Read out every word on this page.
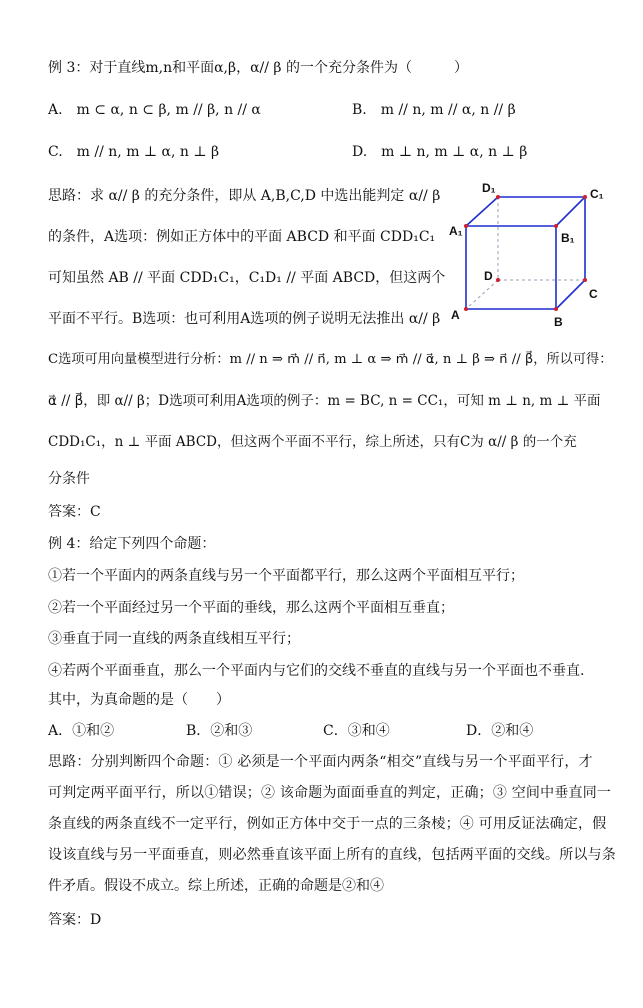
例 3：对于直线m,n和平面α,β，α// β 的一个充分条件为（　　　）
A.　m ⊂ α, n ⊂ β, m // β, n // α	B.　m // n, m // α, n // β
C.　m // n, m ⊥ α, n ⊥ β	D.　m ⊥ n, m ⊥ α, n ⊥ β
思路：求 α// β 的充分条件，即从 A,B,C,D 中选出能判定 α// β
的条件，A选项：例如正方体中的平面 ABCD 和平面 CDD₁C₁
可知虽然 AB // 平面 CDD₁C₁，C₁D₁ // 平面 ABCD，但这两个
平面不平行。B选项：也可利用A选项的例子说明无法推出 α// β
C选项可用向量模型进行分析：m // n ⇒ m⃗ // n⃗, m ⊥ α ⇒ m⃗ // α⃗, n ⊥ β ⇒ n⃗ // β⃗，所以可得：
α⃗ // β⃗，即 α// β；D选项可利用A选项的例子：m = BC, n = CC₁，可知 m ⊥ n, m ⊥ 平面
CDD₁C₁，n ⊥ 平面 ABCD，但这两个平面不平行，综上所述，只有C为 α// β 的一个充
分条件
答案：C
D₁	C₁
A₁	B₁
D
C
A	B
例 4：给定下列四个命题：
①若一个平面内的两条直线与另一个平面都平行，那么这两个平面相互平行；
②若一个平面经过另一个平面的垂线，那么这两个平面相互垂直；
③垂直于同一直线的两条直线相互平行；
④若两个平面垂直，那么一个平面内与它们的交线不垂直的直线与另一个平面也不垂直.
其中，为真命题的是（　　）
A．①和②	B．②和③	C．③和④	D．②和④
思路：分别判断四个命题：① 必须是一个平面内两条“相交”直线与另一个平面平行，才
可判定两平面平行，所以①错误；② 该命题为面面垂直的判定，正确；③ 空间中垂直同一
条直线的两条直线不一定平行，例如正方体中交于一点的三条棱；④ 可用反证法确定，假
设该直线与另一平面垂直，则必然垂直该平面上所有的直线，包括两平面的交线。所以与条
件矛盾。假设不成立。综上所述，正确的命题是②和④
答案：D
